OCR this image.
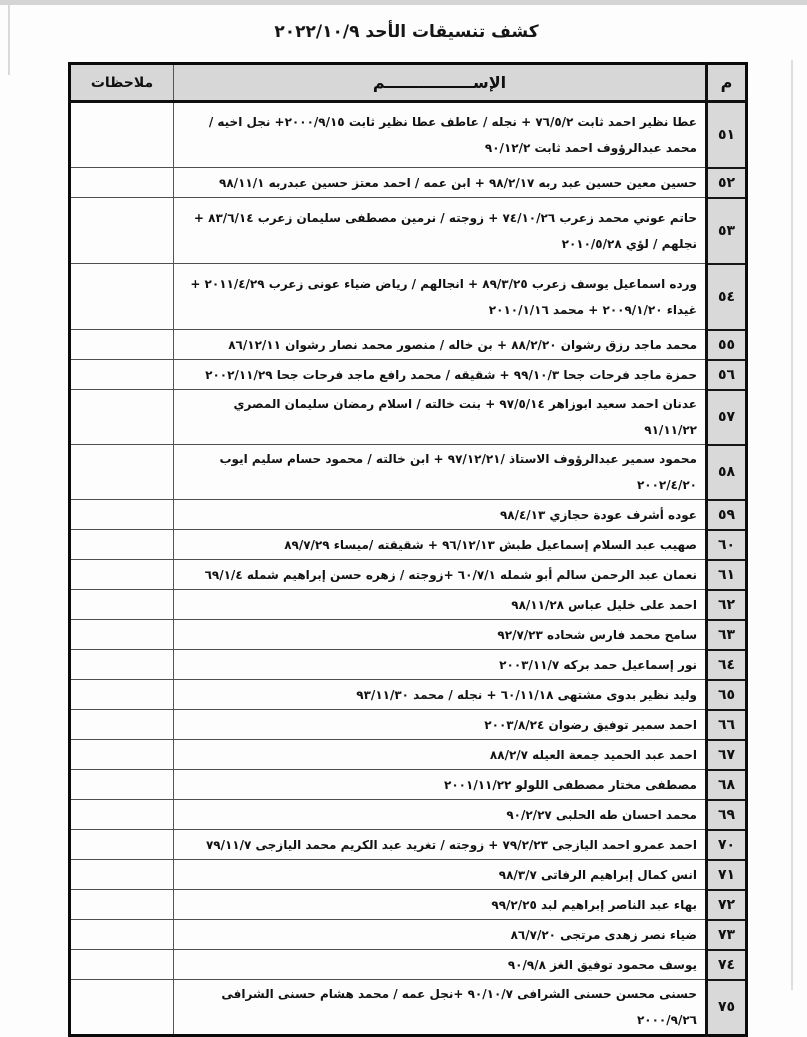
كشف تنسيقات الأحد ٢٠٢٢/١٠/٩
م	الإســــــــــــــــم	ملاحظات
٥١	عطا نظير احمد ثابت ٧٦/٥/٢ + نجله / عاطف عطا نظير ثابت ٢٠٠٠/٩/١٥+ نجل اخيه / محمد عبدالرؤوف احمد ثابت ٩٠/١٢/٢	
٥٢	حسين معين حسين عبد ربه ٩٨/٢/١٧ + ابن عمه / احمد معتز حسين عبدربه ٩٨/١١/١	
٥٣	حاتم عوني محمد زعرب ٧٤/١٠/٢٦ + زوجته / نرمين مصطفى سليمان زعرب ٨٣/٦/١٤ + نجلهم / لؤي ٢٠١٠/٥/٢٨	
٥٤	ورده اسماعيل يوسف زعرب ٨٩/٣/٢٥ + انجالهم / رياض ضياء عونى زعرب ٢٠١١/٤/٢٩ + غيداء ٢٠٠٩/١/٢٠ + محمد ٢٠١٠/١/١٦	
٥٥	محمد ماجد رزق رشوان ٨٨/٢/٢٠ + بن خاله / منصور محمد نصار رشوان ٨٦/١٢/١١	
٥٦	حمزة ماجد فرحات جحا ٩٩/١٠/٣ + شقيقه / محمد رافع ماجد فرحات جحا ٢٠٠٢/١١/٢٩	
٥٧	عدنان احمد سعيد ابوزاهر ٩٧/٥/١٤ + بنت خالته / اسلام رمضان سليمان المصري ٩١/١١/٢٢	
٥٨	محمود سمير عبدالرؤوف الاستاذ /٩٧/١٢/٢١ + ابن خالته / محمود حسام سليم ايوب ٢٠٠٢/٤/٢٠	
٥٩	عوده أشرف عودة حجازي ٩٨/٤/١٣	
٦٠	صهيب عبد السلام إسماعيل طبش ٩٦/١٢/١٣ + شقيقته /ميساء ٨٩/٧/٢٩	
٦١	نعمان عبد الرحمن سالم أبو شمله ٦٠/٧/١ +زوجته / زهره حسن إبراهيم شمله ٦٩/١/٤	
٦٢	احمد على خليل عباس ٩٨/١١/٢٨	
٦٣	سامح محمد فارس شحاده ٩٢/٧/٢٣	
٦٤	نور إسماعيل حمد بركه ٢٠٠٣/١١/٧	
٦٥	وليد نظير بدوى مشتهى ٦٠/١١/١٨ + نجله / محمد ٩٣/١١/٣٠	
٦٦	احمد سمير توفيق رضوان ٢٠٠٣/٨/٢٤	
٦٧	احمد عبد الحميد جمعة العيله ٨٨/٢/٧	
٦٨	مصطفى مختار مصطفى اللولو ٢٠٠١/١١/٢٢	
٦٩	محمد احسان طه الحلبى ٩٠/٢/٢٧	
٧٠	احمد عمرو احمد اليازجى ٧٩/٢/٢٣ + زوجته / تغريد عبد الكريم محمد اليازجى ٧٩/١١/٧	
٧١	انس كمال إبراهيم الرفاتى ٩٨/٣/٧	
٧٢	بهاء عبد الناصر إبراهيم لبد ٩٩/٢/٢٥	
٧٣	ضياء نصر زهدى مرتجى ٨٦/٧/٢٠	
٧٤	يوسف محمود توفيق الغز ٩٠/٩/٨	
٧٥	حسنى محسن حسنى الشرافى ٩٠/١٠/٧ +نجل عمه / محمد هشام حسنى الشرافى ٢٠٠٠/٩/٢٦	
